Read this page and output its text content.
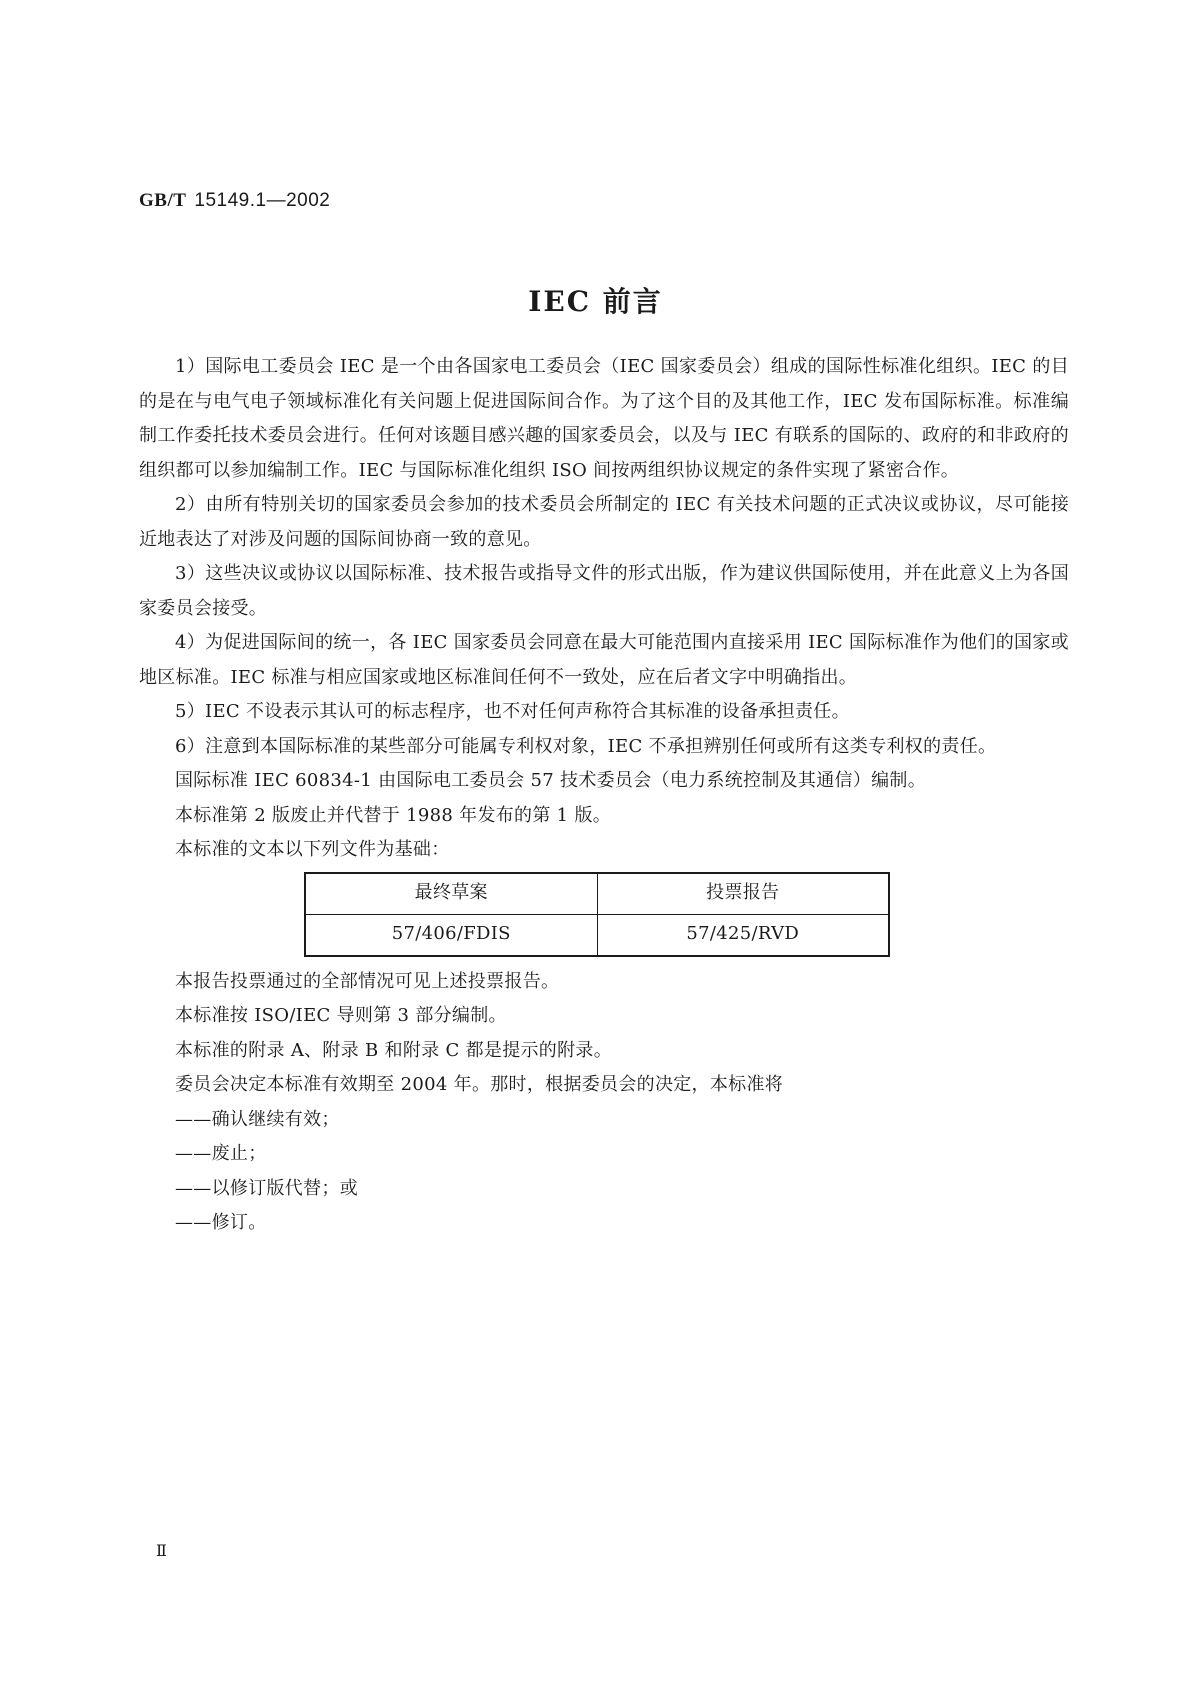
GB/T 15149.1—2002
IEC 前言

1）国际电工委员会 IEC 是一个由各国家电工委员会（IEC 国家委员会）组成的国际性标准化组织。IEC 的目的是在与电气电子领域标准化有关问题上促进国际间合作。为了这个目的及其他工作，IEC 发布国际标准。标准编制工作委托技术委员会进行。任何对该题目感兴趣的国家委员会，以及与 IEC 有联系的国际的、政府的和非政府的组织都可以参加编制工作。IEC 与国际标准化组织 ISO 间按两组织协议规定的条件实现了紧密合作。

2）由所有特别关切的国家委员会参加的技术委员会所制定的 IEC 有关技术问题的正式决议或协议，尽可能接近地表达了对涉及问题的国际间协商一致的意见。

3）这些决议或协议以国际标准、技术报告或指导文件的形式出版，作为建议供国际使用，并在此意义上为各国家委员会接受。

4）为促进国际间的统一，各 IEC 国家委员会同意在最大可能范围内直接采用 IEC 国际标准作为他们的国家或地区标准。IEC 标准与相应国家或地区标准间任何不一致处，应在后者文字中明确指出。

5）IEC 不设表示其认可的标志程序，也不对任何声称符合其标准的设备承担责任。

6）注意到本国际标准的某些部分可能属专利权对象，IEC 不承担辨别任何或所有这类专利权的责任。

国际标准 IEC 60834-1 由国际电工委员会 57 技术委员会（电力系统控制及其通信）编制。

本标准第 2 版废止并代替于 1988 年发布的第 1 版。

本标准的文本以下列文件为基础：

最终草案	投票报告
57/406/FDIS	57/425/RVD

本报告投票通过的全部情况可见上述投票报告。

本标准按 ISO/IEC 导则第 3 部分编制。

本标准的附录 A、附录 B 和附录 C 都是提示的附录。

委员会决定本标准有效期至 2004 年。那时，根据委员会的决定，本标准将

——确认继续有效；

——废止；

——以修订版代替；或

——修订。

Ⅱ
